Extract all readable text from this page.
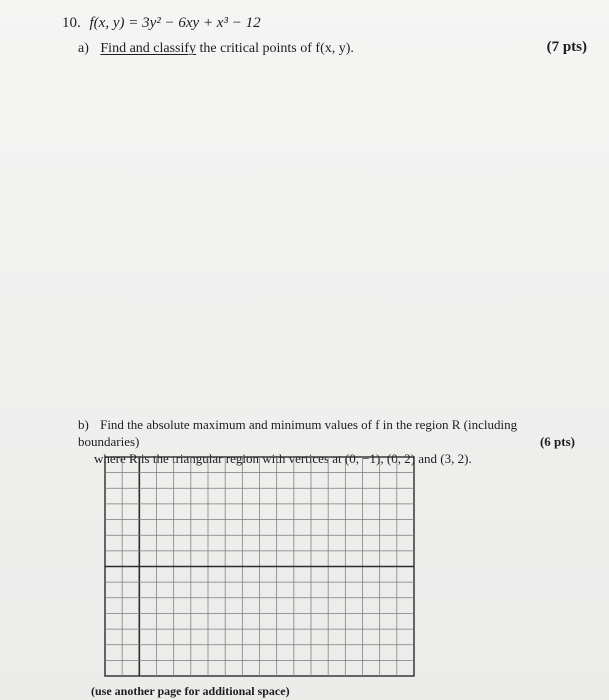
10. f(x, y) = 3y² − 6xy + x³ − 12
a) Find and classify the critical points of f(x, y).	(7 pts)
b) Find the absolute maximum and minimum values of f in the region R (including boundaries)
where R is the triangular region with vertices at (0, −1), (0, 2) and (3, 2).
(6 pts)
(use another page for additional space)
